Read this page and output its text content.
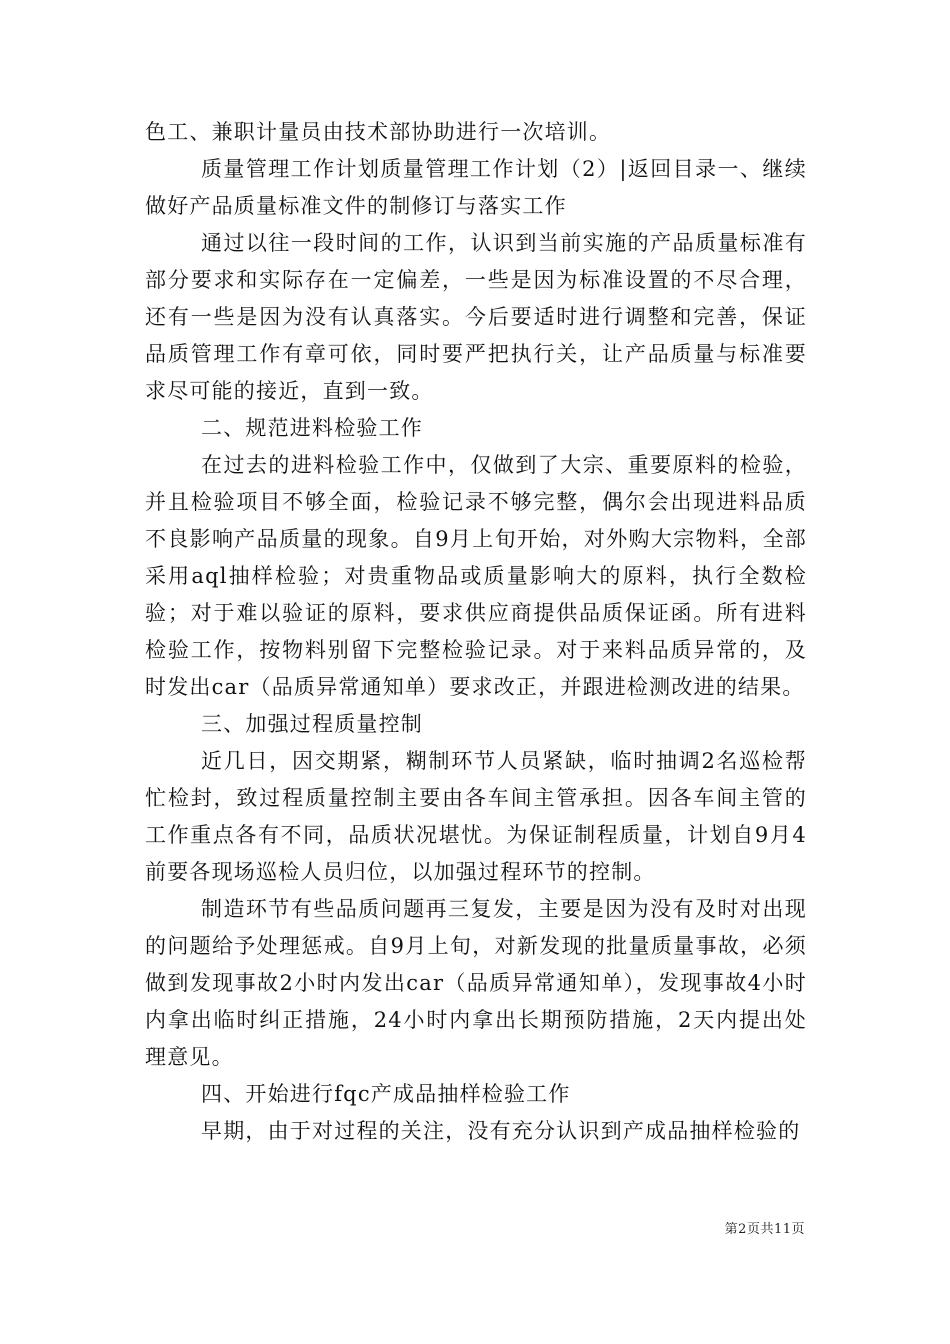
色工、兼职计量员由技术部协助进行一次培训。

质量管理工作计划质量管理工作计划（2）|返回目录一、继续做好产品质量标准文件的制修订与落实工作

通过以往一段时间的工作，认识到当前实施的产品质量标准有部分要求和实际存在一定偏差，一些是因为标准设置的不尽合理，还有一些是因为没有认真落实。今后要适时进行调整和完善，保证品质管理工作有章可依，同时要严把执行关，让产品质量与标准要求尽可能的接近，直到一致。

二、规范进料检验工作

在过去的进料检验工作中，仅做到了大宗、重要原料的检验，并且检验项目不够全面，检验记录不够完整，偶尔会出现进料品质不良影响产品质量的现象。自9月上旬开始，对外购大宗物料，全部采用aql抽样检验；对贵重物品或质量影响大的原料，执行全数检验；对于难以验证的原料，要求供应商提供品质保证函。所有进料检验工作，按物料别留下完整检验记录。对于来料品质异常的，及时发出car（品质异常通知单）要求改正，并跟进检测改进的结果。

三、加强过程质量控制

近几日，因交期紧，糊制环节人员紧缺，临时抽调2名巡检帮忙检封，致过程质量控制主要由各车间主管承担。因各车间主管的工作重点各有不同，品质状况堪忧。为保证制程质量，计划自9月4前要各现场巡检人员归位，以加强过程环节的控制。

制造环节有些品质问题再三复发，主要是因为没有及时对出现的问题给予处理惩戒。自9月上旬，对新发现的批量质量事故，必须做到发现事故2小时内发出car（品质异常通知单），发现事故4小时内拿出临时纠正措施，24小时内拿出长期预防措施，2天内提出处理意见。

四、开始进行fqc产成品抽样检验工作

早期，由于对过程的关注，没有充分认识到产成品抽样检验的

第2页共11页
